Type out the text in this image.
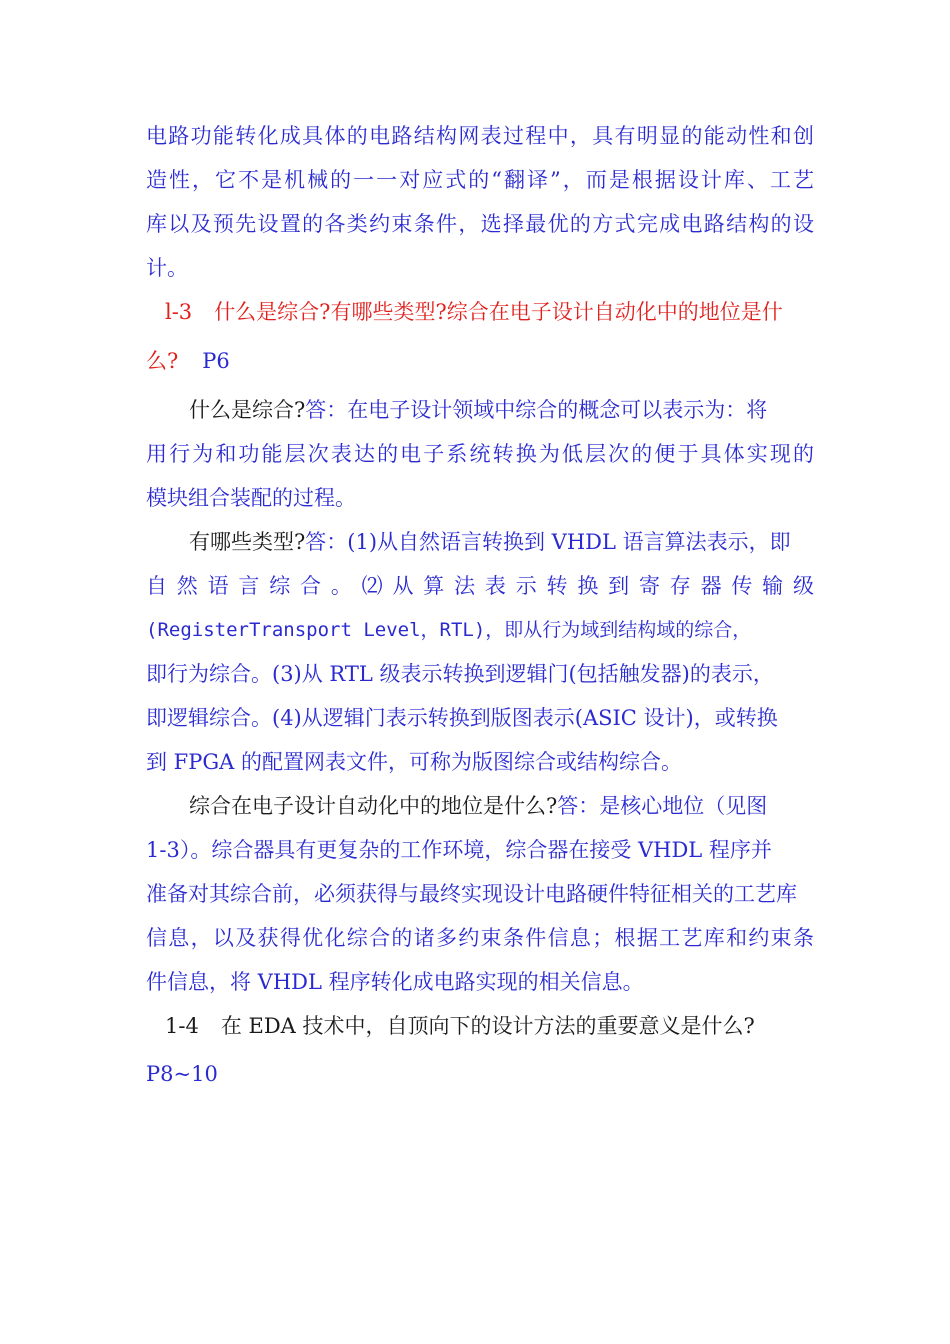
电路功能转化成具体的电路结构网表过程中，具有明显的能动性和创
造性，它不是机械的一一对应式的“翻译”，而是根据设计库、工艺
库以及预先设置的各类约束条件，选择最优的方式完成电路结构的设
计。
l-3 什么是综合?有哪些类型?综合在电子设计自动化中的地位是什
么? P6
什么是综合?答：在电子设计领域中综合的概念可以表示为：将
用行为和功能层次表达的电子系统转换为低层次的便于具体实现的
模块组合装配的过程。
有哪些类型?答：(1)从自然语言转换到 VHDL 语言算法表示，即
自 然 语 言 综 合 。 ⑵ 从 算 法 表 示 转 换 到 寄 存 器 传 输 级
(RegisterTransport Level，RTL)，即从行为域到结构域的综合，
即行为综合。(3)从 RTL 级表示转换到逻辑门(包括触发器)的表示，
即逻辑综合。(4)从逻辑门表示转换到版图表示(ASIC 设计)，或转换
到 FPGA 的配置网表文件，可称为版图综合或结构综合。
综合在电子设计自动化中的地位是什么?答：是核心地位（见图
1-3）。综合器具有更复杂的工作环境，综合器在接受 VHDL 程序并
准备对其综合前，必须获得与最终实现设计电路硬件特征相关的工艺库
信息，以及获得优化综合的诸多约束条件信息；根据工艺库和约束条
件信息，将 VHDL 程序转化成电路实现的相关信息。
1-4 在 EDA 技术中，自顶向下的设计方法的重要意义是什么?
P8~10
